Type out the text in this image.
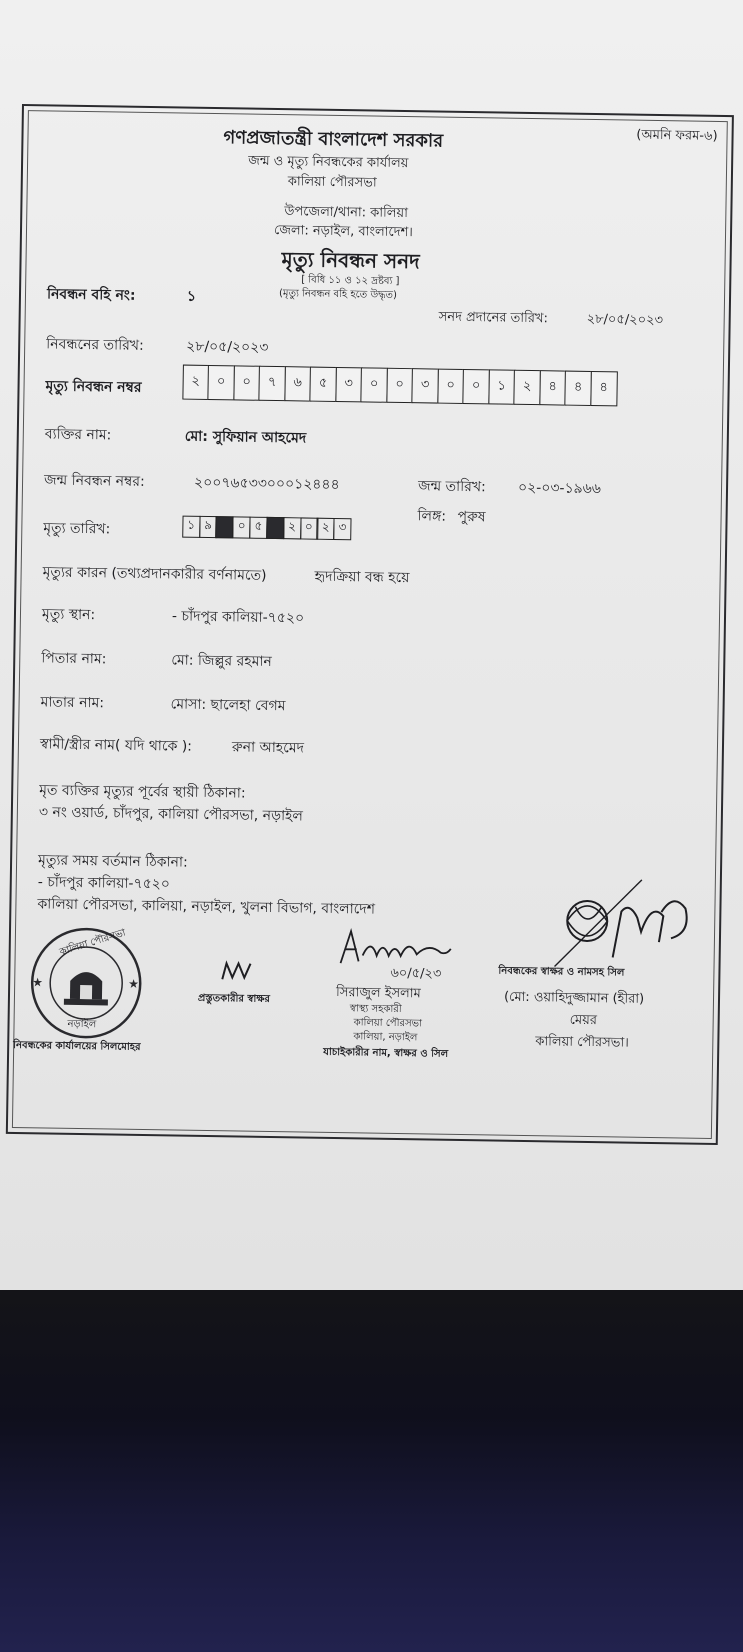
(অমনি ফরম-৬)
গণপ্রজাতন্ত্রী বাংলাদেশ সরকার
জন্ম ও মৃত্যু নিবন্ধকের কার্যালয়
কালিয়া পৌরসভা
উপজেলা/থানা: কালিয়া
জেলা: নড়াইল, বাংলাদেশ।
মৃত্যু নিবন্ধন সনদ
[ বিধি ১১ ও ১২ দ্রষ্টব্য ]
(মৃত্যু নিবন্ধন বহি হতে উদ্ধৃত)
নিবন্ধন বহি নং:	১
সনদ প্রদানের তারিখ:	২৮/০৫/২০২৩
নিবন্ধনের তারিখ:	২৮/০৫/২০২৩
মৃত্যু নিবন্ধন নম্বর	২	০	০	৭	৬	৫	৩	০	০	৩	০	০	১	২	৪	৪	৪
ব্যক্তির নাম:	মো: সুফিয়ান আহমেদ
জন্ম নিবন্ধন নম্বর:	২০০৭৬৫৩৩০০০১২৪৪৪	জন্ম তারিখ: ০২-০৩-১৯৬৬
লিঙ্গ: পুরুষ
মৃত্যু তারিখ:	১ ৯	০ ৫	২ ০ ২ ৩
মৃত্যুর কারন (তথ্যপ্রদানকারীর বর্ণনামতে)	হৃদক্রিয়া বন্ধ হয়ে
মৃত্যু স্থান:	- চাঁদপুর কালিয়া-৭৫২০
পিতার নাম:	মো: জিল্লুর রহমান
মাতার নাম:	মোসা: ছালেহা বেগম
স্বামী/স্ত্রীর নাম( যদি থাকে ):	রুনা আহমেদ
মৃত ব্যক্তির মৃত্যুর পূর্বের স্থায়ী ঠিকানা:
৩ নং ওয়ার্ড, চাঁদপুর, কালিয়া পৌরসভা, নড়াইল
মৃত্যুর সময় বর্তমান ঠিকানা:
- চাঁদপুর কালিয়া-৭৫২০
কালিয়া পৌরসভা, কালিয়া, নড়াইল, খুলনা বিভাগ, বাংলাদেশ
★	★
কালিয়া পৌরসভা
নড়াইল
নিবন্ধকের কার্যালয়ের সিলমোহর
প্রস্তুতকারীর স্বাক্ষর
৬০/৫/২৩
সিরাজুল ইসলাম
স্বাস্থ্য সহকারী
কালিয়া পৌরসভা
কালিয়া, নড়াইল
যাচাইকারীর নাম, স্বাক্ষর ও সিল
নিবন্ধকের স্বাক্ষর ও নামসহ সিল
(মো: ওয়াহিদুজ্জামান (হীরা)
মেয়র
কালিয়া পৌরসভা।
